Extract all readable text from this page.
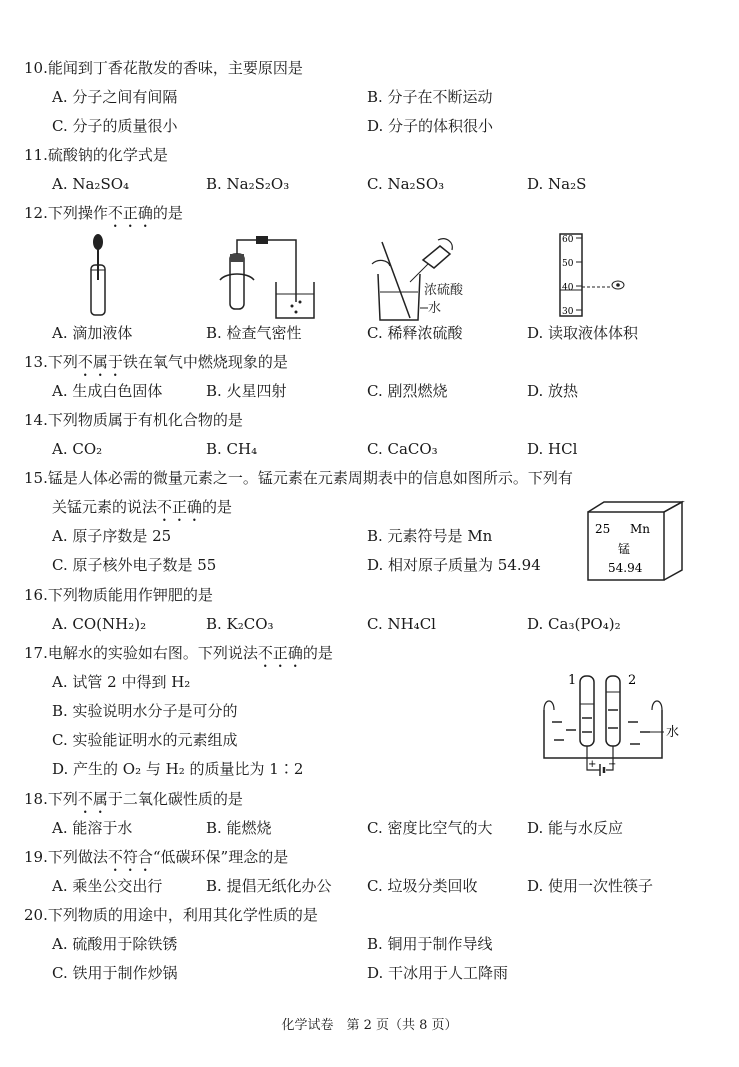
10.能闻到丁香花散发的香味，主要原因是
A. 分子之间有间隔	B. 分子在不断运动
C. 分子的质量很小	D. 分子的体积很小
11.硫酸钠的化学式是
A. Na₂SO₄	B. Na₂S₂O₃	C. Na₂SO₃	D. Na₂S
12.下列操作不正确的是
浓硫酸
水
60
50
40
30
A. 滴加液体	B. 检查气密性	C. 稀释浓硫酸	D. 读取液体体积
13.下列不属于铁在氧气中燃烧现象的是
A. 生成白色固体	B. 火星四射	C. 剧烈燃烧	D. 放热
14.下列物质属于有机化合物的是
A. CO₂	B. CH₄	C. CaCO₃	D. HCl
15.锰是人体必需的微量元素之一。锰元素在元素周期表中的信息如图所示。下列有
关锰元素的说法不正确的是
A. 原子序数是 25	B. 元素符号是 Mn
C. 原子核外电子数是 55	D. 相对原子质量为 54.94
25 Mn
锰
54.94
16.下列物质能用作钾肥的是
A. CO(NH₂)₂	B. K₂CO₃	C. NH₄Cl	D. Ca₃(PO₄)₂
17.电解水的实验如右图。下列说法不正确的是
A. 试管 2 中得到 H₂
B. 实验说明水分子是可分的
C. 实验能证明水的元素组成
D. 产生的 O₂ 与 H₂ 的质量比为 1∶2
1	2
水
+ −
18.下列不属于二氧化碳性质的是
A. 能溶于水	B. 能燃烧	C. 密度比空气的大 D. 能与水反应
19.下列做法不符合“低碳环保”理念的是
A. 乘坐公交出行	B. 提倡无纸化办公 C. 垃圾分类回收	D. 使用一次性筷子
20.下列物质的用途中，利用其化学性质的是
A. 硫酸用于除铁锈	B. 铜用于制作导线
C. 铁用于制作炒锅	D. 干冰用于人工降雨
化学试卷　第 2 页（共 8 页）
